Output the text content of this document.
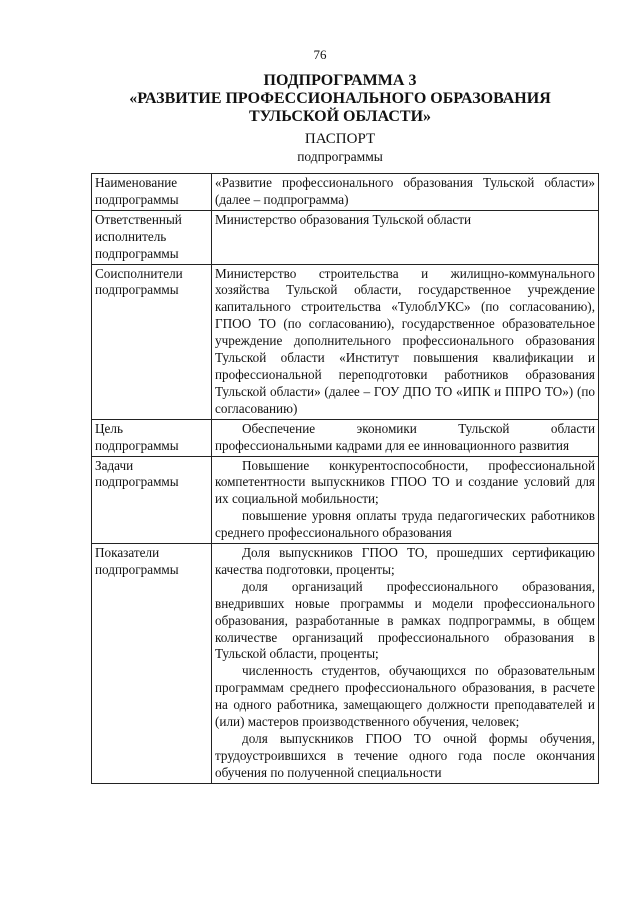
76
ПОДПРОГРАММА 3
«РАЗВИТИЕ ПРОФЕССИОНАЛЬНОГО ОБРАЗОВАНИЯ
ТУЛЬСКОЙ ОБЛАСТИ»
ПАСПОРТ
подпрограммы
Наименование подпрограммы	«Развитие профессионального образования Тульской области» (далее – подпрограмма)

Ответственный исполнитель подпрограммы	Министерство образования Тульской области

Соисполнители подпрограммы	Министерство строительства и жилищно-коммунального хозяйства Тульской области, государственное учреждение капитального строительства «ТулоблУКС» (по согласованию), ГПОО ТО (по согласованию), государственное образовательное учреждение дополнительного профессионального образования Тульской области «Институт повышения квалификации и профессиональной переподготовки работников образования Тульской области» (далее – ГОУ ДПО ТО «ИПК и ППРО ТО») (по согласованию)

Цель подпрограммы	Обеспечение экономики Тульской области профессиональными кадрами для ее инновационного развития

Задачи подпрограммы	Повышение конкурентоспособности, профессиональной компетентности выпускников ГПОО ТО и создание условий для их социальной мобильности;

повышение уровня оплаты труда педагогических работников среднего профессионального образования

Показатели подпрограммы	Доля выпускников ГПОО ТО, прошедших сертификацию качества подготовки, проценты;

доля организаций профессионального образования, внедривших новые программы и модели профессионального образования, разработанные в рамках подпрограммы, в общем количестве организаций профессионального образования в Тульской области, проценты;

численность студентов, обучающихся по образовательным программам среднего профессионального образования, в расчете на одного работника, замещающего должности преподавателей и (или) мастеров производственного обучения, человек;

доля выпускников ГПОО ТО очной формы обучения, трудоустроившихся в течение одного года после окончания обучения по полученной специальности
